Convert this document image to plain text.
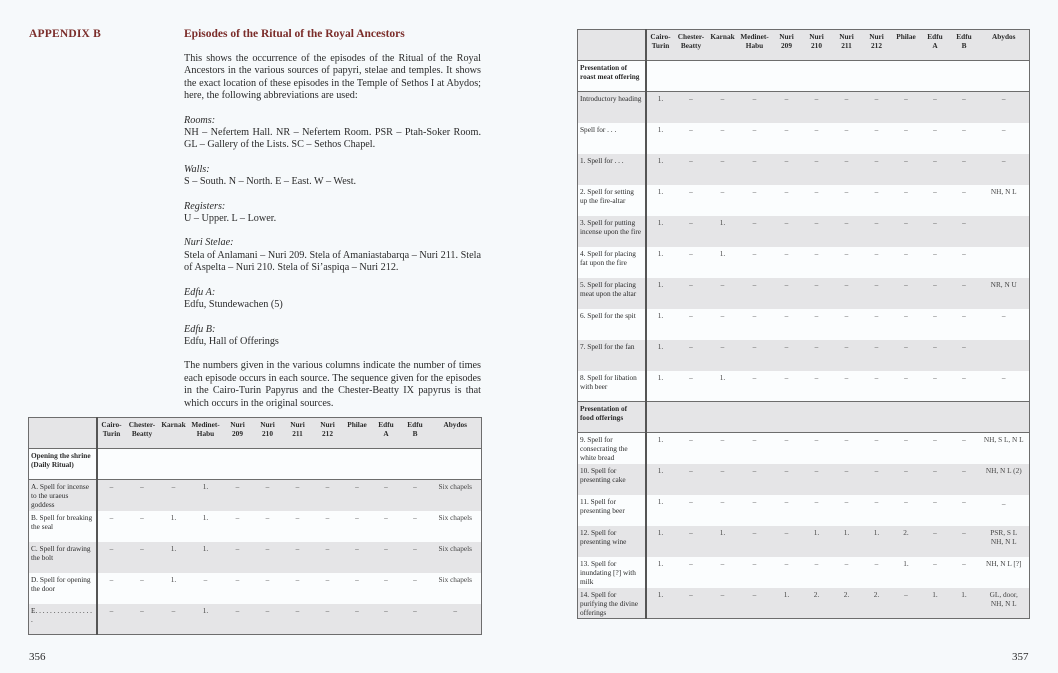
APPENDIX B	Episodes of the Ritual of the Royal Ancestors

This shows the occurrence of the episodes of the Ritual of the Royal Ancestors in the various sources of papyri, stelae and temples. It shows the exact location of these episodes in the Temple of Sethos I at Abydos; here, the following abbreviations are used:

Rooms:
NH – Nefertem Hall. NR – Nefertem Room. PSR – Ptah-Soker Room. GL – Gallery of the Lists. SC – Sethos Chapel.

Walls:
S – South. N – North. E – East. W – West.

Registers:
U – Upper. L – Lower.

Nuri Stelae:
Stela of Anlamani – Nuri 209. Stela of Amaniastabarqa – Nuri 211. Stela of Aspelta – Nuri 210. Stela of Si’aspiqa – Nuri 212.

Edfu A:
Edfu, Stundewachen (5)

Edfu B:
Edfu, Hall of Offerings

The numbers given in the various columns indicate the number of times each episode occurs in each source. The sequence given for the episodes in the Cairo-Turin Papyrus and the Chester-Beatty IX papyrus is that which occurs in the original sources.

	Cairo-
Turin	Chester-
Beatty	Karnak	Medinet-
Habu	Nuri
209	Nuri
210	Nuri
211	Nuri
212	Philae	Edfu
A	Edfu
B	Abydos
Opening the shrine (Daily Ritual)												
A. Spell for incense to the uraeus goddess	–	–	–	1.	–	–	–	–	–	–	–	Six chapels
B. Spell for breaking the seal	–	–	1.	1.	–	–	–	–	–	–	–	Six chapels
C. Spell for drawing the bolt	–	–	1.	1.	–	–	–	–	–	–	–	Six chapels
D. Spell for opening the door	–	–	1.	–	–	–	–	–	–	–	–	Six chapels
E. . . . . . . . . . . . . . . . .	–	–	–	1.	–	–	–	–	–	–	–	–
356	357
	Cairo-
Turin	Chester-
Beatty	Karnak	Medinet-
Habu	Nuri
209	Nuri
210	Nuri
211	Nuri
212	Philae	Edfu
A	Edfu
B	Abydos
Presentation of roast meat offering												
Introductory heading	1.	–	–	–	–	–	–	–	–	–	–	–
Spell for . . .	1.	–	–	–	–	–	–	–	–	–	–	–
1. Spell for . . .	1.	–	–	–	–	–	–	–	–	–	–	–
2. Spell for setting up the fire-altar	1.	–	–	–	–	–	–	–	–	–	–	NH, N L
3. Spell for putting incense upon the fire	1.	–	1.	–	–	–	–	–	–	–	–	
4. Spell for placing fat upon the fire	1.	–	1.	–	–	–	–	–	–	–	–	
5. Spell for placing meat upon the altar	1.	–	–	–	–	–	–	–	–	–	–	NR, N U
6. Spell for the spit	1.	–	–	–	–	–	–	–	–	–	–	–
7. Spell for the fan	1.	–	–	–	–	–	–	–	–	–	–	
8. Spell for libation with beer	1.	–	1.	–	–	–	–	–	–	–	–	–
Presentation of food offerings												
9. Spell for consecrating the white bread	1.	–	–	–	–	–	–	–	–	–	–	NH, S L, N L
10. Spell for presenting cake	1.	–	–	–	–	–	–	–	–	–	–	NH, N L (2)
11. Spell for presenting beer	1.	–	–	–	–	–	–	–	–	–	–	_
12. Spell for presenting wine	1.	–	1.	–	–	1.	1.	1.	2.	–	–	PSR, S L
NH, N L
13. Spell for inundating [?] with milk	1.	–	–	–	–	–	–	–	1.	–	–	NH, N L [?]
14. Spell for purifying the divine offerings	1.	–	–	–	1.	2.	2.	2.	–	1.	1.	GL, door,
NH, N L
